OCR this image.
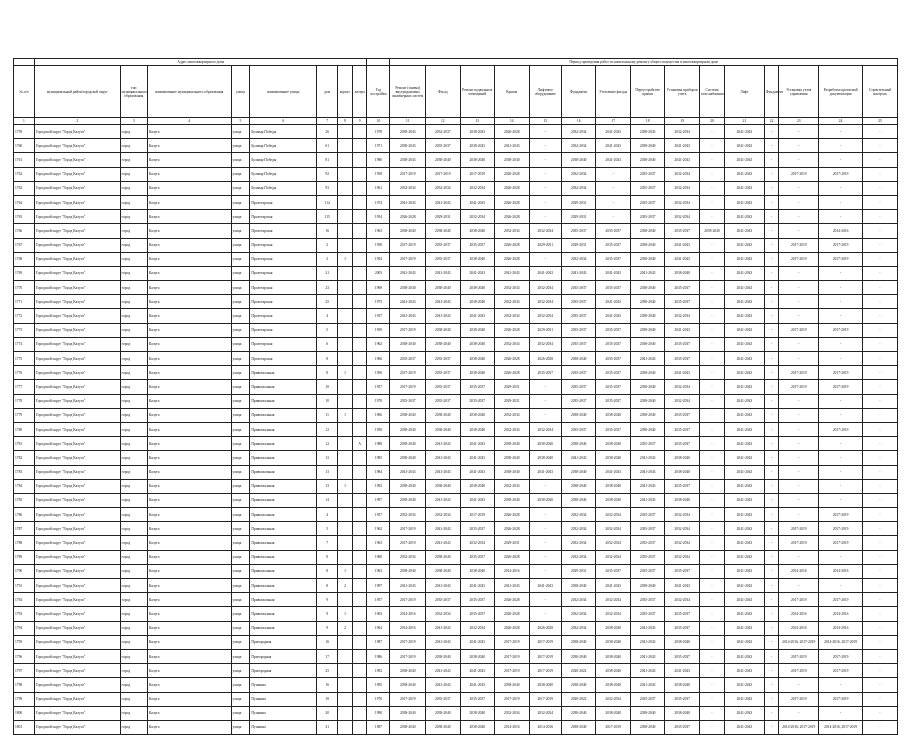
	Адрес многоквартирного дома									Период проведения работ по капитальному ремонту общего имущества в многоквартирном доме														
№ п/п	муниципальный район/городской округ	тип муниципального образования	наименование муниципального образования	улица	наименование улицы	дом	корпус	литера	Год постройки	Ремонт (замена) внутридомовых инженерных систем	Фасад	Ремонт подвальных помещений	Крыша	Лифтовое оборудование	Фундамент	Утепление фасада	Переустройство крыши	Установка приборов учета	Система газоснабжения	Лифт	Фундамент	Установка узлов управления	Разработка проектной документации	Строительный контроль
1	2	3	4	5	6	7	8	9	10	11	12	13	14	15	16	17	18	19	20	21	22	23	24	25
1759	Городской округ "Город Калуга"	город	Калуга	улица	Бульвар Победы	26			1978	2038-2043	2032-2037	2038-2043	2026-2028	-	2032-2034	2041-2043	2038-2043	2032-2034	-	2041-2043	-	-	-	-
1760	Городской округ "Город Калуга"	город	Калуга	улица	Бульвар Победы	61			1971	2038-2043	2035-2037	2038-2043	2041-2043	-	2032-2034	2041-2043	2038-2040	2041-2043	-	2041-2043	-	-	-	-
1761	Городской округ "Город Калуга"	город	Калуга	улица	Бульвар Победы	81			1980	2038-2043	2038-2040	2038-2040	2038-2040	-	2038-2040	2041-2043	2038-2040	2041-2043	-	2041-2043	-	-	-	-
1762	Городской округ "Город Калуга"	город	Калуга	улица	Бульвар Победы	92			1958	2017-2019	2017-2019	2017-2019	2026-2028	-	2032-2034	-	2035-2037	2032-2034	-	2041-2043	-	2017-2019	2017-2019	-
1763	Городской округ "Город Калуга"	город	Калуга	улица	Бульвар Победы	93			1961	2032-2034	2032-2034	2032-2034	2026-2028	-	2032-2034	-	2035-2037	2032-2034	-	2041-2043	-	-	-	-
1764	Городской округ "Город Калуга"	город	Калуга	улица	Пролетарская	114			1974	2041-2043	2041-2043	2041-2043	2026-2028	-	2029-2031	-	2035-2037	2032-2034	-	2041-2043	-	-	-	-
1765	Городской округ "Город Калуга"	город	Калуга	улица	Пролетарская	115			1954	2026-2028	2029-2031	2032-2034	2026-2028	-	2029-2031	-	2035-2037	2032-2034	-	2041-2043	-	-	-	-
1766	Городской округ "Город Калуга"	город	Калуга	улица	Пролетарская	16			1963	2038-2040	2038-2040	2038-2040	2032-2034	2032-2034	2035-2037	2035-2037	2038-2040	2035-2037	2038-2040	2041-2043	-	-	2014-2016	-
1767	Городской округ "Город Калуга"	город	Калуга	улица	Пролетарская	2			1958	2017-2019	2035-2037	2035-2037	2026-2028	2029-2031	2029-2031	2035-2037	2038-2040	2041-2043	-	2041-2043	-	2017-2019	2017-2019	-
1768	Городской округ "Город Калуга"	город	Калуга	улица	Пролетарская	2	1		1954	2017-2019	2035-2037	2038-2040	2026-2028	-	2032-2034	2035-2037	2038-2040	2041-2043	-	2041-2043	-	2017-2019	2017-2019	-
1769	Городской округ "Город Калуга"	город	Калуга	улица	Пролетарская	21			2003	2041-2043	2041-2043	2041-2043	2041-2043	2041-2043	2041-2043	2041-2043	2041-2043	2038-2040	-	2041-2043	-	-	-	-
1770	Городской округ "Город Калуга"	город	Калуга	улица	Пролетарская	23			1969	2038-2040	2038-2040	2038-2040	2032-2034	2032-2034	2035-2037	2035-2037	2038-2040	2035-2037	-	2041-2043	-	-	-	-
1771	Городской округ "Город Калуга"	город	Калуга	улица	Пролетарская	25			1975	2041-2043	2041-2043	2038-2040	2032-2034	2032-2034	2035-2037	2041-2043	2038-2040	2035-2037	-	2041-2043	-	-	-	-
1772	Городской округ "Город Калуга"	город	Калуга	улица	Пролетарская	4			1957	2041-2043	2041-2043	2041-2043	2032-2034	2032-2034	2035-2037	2041-2043	2038-2040	2032-2034	-	2041-2043	-	-	-	-
1773	Городской округ "Город Калуга"	город	Калуга	улица	Пролетарская	5			1959	2017-2019	2038-2040	2038-2040	2026-2028	2029-2031	2035-2037	2035-2037	2038-2040	2041-2043	-	2041-2043	-	2017-2019	2017-2019	-
1774	Городской округ "Город Калуга"	город	Калуга	улица	Пролетарская	6			1962	2038-2040	2038-2040	2038-2040	2032-2034	2032-2034	2035-2037	2035-2037	2038-2040	2035-2037	-	2041-2043	-	-	-	-
1775	Городской округ "Город Калуга"	город	Калуга	улица	Пролетарская	8			1960	2035-2037	2035-2037	2038-2040	2026-2028	2026-2028	2038-2040	2035-2037	2041-2043	2035-2037	-	2041-2043	-	-	-	-
1776	Городской округ "Город Калуга"	город	Калуга	улица	Привокзальная	8	1		1956	2017-2019	2035-2037	2038-2040	2026-2028	2035-2037	2035-2037	2035-2037	2038-2040	2041-2043	-	2041-2043	-	2017-2019	2017-2019	-
1777	Городской округ "Город Калуга"	город	Калуга	улица	Привокзальная	10			1957	2017-2019	2035-2037	2035-2037	2029-2031	-	2035-2037	2035-2037	2038-2040	2032-2034	-	2041-2043	-	2017-2019	2017-2019	-
1778	Городской округ "Город Калуга"	город	Калуга	улица	Привокзальная	10			1970	2035-2037	2035-2037	2035-2037	2029-2031	-	2035-2037	2035-2037	2038-2040	2032-2034	-	2041-2043	-	-	-	-
1779	Городской округ "Город Калуга"	город	Калуга	улица	Привокзальная	11	1		1966	2038-2040	2038-2040	2038-2040	2032-2034	-	2038-2040	2038-2040	2038-2040	2035-2037	-	2041-2043	-	-	-	-
1780	Городской округ "Город Калуга"	город	Калуга	улица	Привокзальная	12			1950	2038-2040	2038-2040	2038-2040	2032-2034	2032-2034	2035-2037	2035-2037	2038-2040	2035-2037	-	2041-2043	-	-	2017-2019	-
1781	Городской округ "Город Калуга"	город	Калуга	улица	Привокзальная	12		А	1988	2038-2040	2041-2043	2041-2043	2038-2040	2038-2040	2038-2040	2038-2040	2035-2037	2035-2037	-	2041-2043	-	-	-	-
1782	Городской округ "Город Калуга"	город	Калуга	улица	Привокзальная	13			1985	2038-2040	2041-2043	2041-2043	2038-2040	2038-2040	2041-2043	2038-2040	2041-2043	2038-2040	-	2041-2043	-	-	-	-
1783	Городской округ "Город Калуга"	город	Калуга	улица	Привокзальная	13			1984	2041-2043	2041-2043	2041-2043	2038-2040	2041-2043	2038-2040	2041-2043	2041-2043	2038-2040	-	2041-2043	-	-	-	-
1784	Городской округ "Город Калуга"	город	Калуга	улица	Привокзальная	13	1		1992	2038-2040	2038-2040	2038-2040	2032-2034	-	2038-2040	2038-2040	2041-2043	2035-2037	-	2041-2043	-	-	-	-
1785	Городской округ "Город Калуга"	город	Калуга	улица	Привокзальная	14			1997	2038-2040	2041-2043	2041-2043	2038-2040	2038-2040	2038-2040	2038-2040	2041-2043	2038-2040	-	2041-2043	-	-	-	-
1786	Городской округ "Город Калуга"	город	Калуга	улица	Привокзальная	4			1957	2032-2034	2032-2034	2017-2019	2026-2028	-	2032-2034	2032-2034	2035-2037	2032-2034	-	2041-2043	-	-	2017-2019	-
1787	Городской округ "Город Калуга"	город	Калуга	улица	Привокзальная	5			1962	2017-2019	2041-2043	2035-2037	2026-2028	-	2032-2034	2032-2034	2035-2037	2032-2034	-	2041-2043	-	2017-2019	2017-2019	-
1788	Городской округ "Город Калуга"	город	Калуга	улица	Привокзальная	7			1963	2017-2019	2041-2043	2032-2034	2029-2031	-	2032-2034	2032-2034	2035-2037	2032-2034	-	2041-2043	-	2017-2019	2017-2019	-
1789	Городской округ "Город Калуга"	город	Калуга	улица	Привокзальная	8			1960	2032-2034	2038-2040	2035-2037	2026-2028	-	2032-2034	2032-2034	2035-2037	2032-2034	-	2041-2043	-	-	-	-
1790	Городской округ "Город Калуга"	город	Калуга	улица	Привокзальная	8	1		1963	2038-2040	2038-2040	2038-2040	2014-2016	-	2029-2031	2035-2037	2035-2037	2035-2037	-	2041-2043	-	2014-2016	2014-2016	-
1791	Городской округ "Город Калуга"	город	Калуга	улица	Привокзальная	8	2		1997	2041-2043	2041-2043	2041-2043	2041-2043	2041-2043	2038-2040	2041-2043	2038-2040	2041-2043	-	2041-2043	-	-	-	-
1792	Городской округ "Город Калуга"	город	Калуга	улица	Привокзальная	9			1957	2017-2019	2035-2037	2035-2037	2026-2028	-	2032-2034	2032-2034	2035-2037	2032-2034	-	2041-2043	-	2017-2019	2017-2019	-
1793	Городской округ "Город Калуга"	город	Калуга	улица	Привокзальная	9	1		1963	2014-2016	2032-2034	2035-2037	2026-2028	-	2032-2034	2032-2034	2035-2037	2035-2037	-	2041-2043	-	2014-2016	2014-2016	-
1794	Городской округ "Город Калуга"	город	Калуга	улица	Привокзальная	9	2		1964	2014-2016	2041-2043	2032-2034	2026-2028	2026-2028	2032-2034	2038-2040	2041-2043	2035-2037	-	2041-2043	-	2014-2016	2014-2016	-
1795	Городской округ "Город Калуга"	город	Калуга	улица	Пригородная	16			1987	2017-2019	2041-2043	2041-2043	2017-2019	2017-2019	2038-2040	2038-2040	2041-2043	2038-2040	-	2041-2043	-	2014-2016, 2017-2019	2014-2016, 2017-2019	-
1796	Городской округ "Город Калуга"	город	Калуга	улица	Пригородная	17			1986	2017-2019	2038-2040	2038-2040	2017-2019	2017-2019	2038-2040	2038-2040	2041-2043	2035-2037	-	2041-2043	-	2017-2019	2017-2019	-
1797	Городской округ "Город Калуга"	город	Калуга	улица	Пригородная	25			1992	2038-2040	2041-2043	2041-2043	2017-2019	2017-2019	2020-2022	2038-2040	2041-2043	2041-2043	-	2041-2043	-	2017-2019	2017-2019	-
1798	Городской округ "Город Калуга"	город	Калуга	улица	Пушкина	16			1995	2038-2040	2041-2043	2041-2043	2038-2040	2038-2040	2038-2040	2038-2040	2041-2043	2038-2040	-	2041-2043	-	-	-	-
1799	Городской округ "Город Калуга"	город	Калуга	улица	Пушкина	18			1970	2017-2019	2035-2037	2035-2037	2017-2019	2017-2019	2020-2022	2032-2034	2035-2037	2035-2037	-	2041-2043	-	2017-2019	2017-2019	-
1800	Городской округ "Город Калуга"	город	Калуга	улица	Пушкина	20			1990	2038-2040	2038-2040	2038-2040	2032-2034	2032-2034	2038-2040	2038-2040	2038-2040	2038-2040	-	2041-2043	-	-	-	-
1801	Городской округ "Город Калуга"	город	Калуга	улица	Пушкина	21			1987	2038-2040	2038-2040	2038-2040	2014-2016	2014-2016	2038-2040	2017-2019	2038-2040	2035-2037	-	2041-2043	-	2014-2016, 2017-2019	2014-2016, 2017-2019	-
